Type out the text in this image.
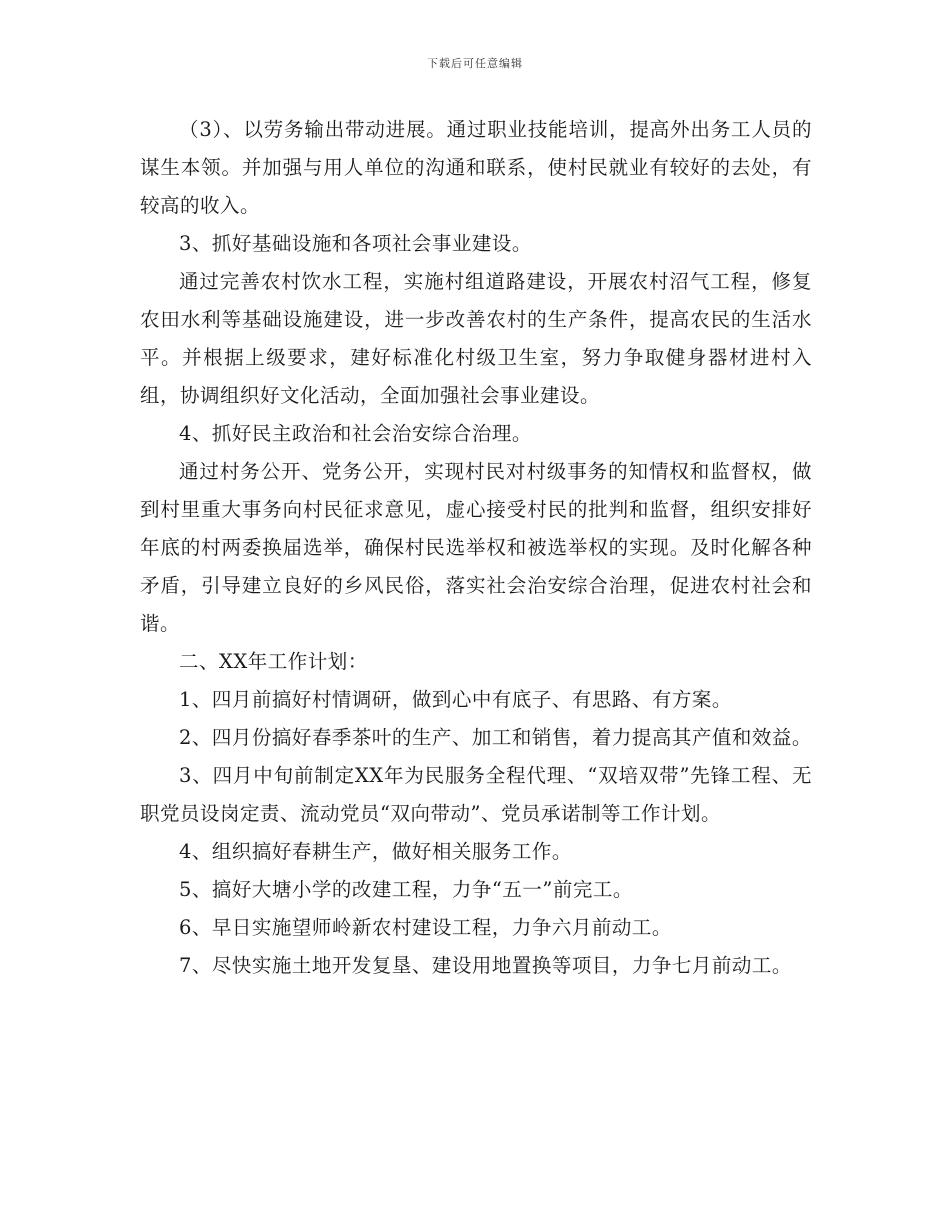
下载后可任意编辑

（3）、以劳务输出带动进展。通过职业技能培训，提高外出务工人员的谋生本领。并加强与用人单位的沟通和联系，使村民就业有较好的去处，有较高的收入。

3、抓好基础设施和各项社会事业建设。

通过完善农村饮水工程，实施村组道路建设，开展农村沼气工程，修复农田水利等基础设施建设，进一步改善农村的生产条件，提高农民的生活水平。并根据上级要求，建好标准化村级卫生室，努力争取健身器材进村入组，协调组织好文化活动，全面加强社会事业建设。

4、抓好民主政治和社会治安综合治理。

通过村务公开、党务公开，实现村民对村级事务的知情权和监督权，做到村里重大事务向村民征求意见，虚心接受村民的批判和监督，组织安排好年底的村两委换届选举，确保村民选举权和被选举权的实现。及时化解各种矛盾，引导建立良好的乡风民俗，落实社会治安综合治理，促进农村社会和谐。

二、XX年工作计划：

1、四月前搞好村情调研，做到心中有底子、有思路、有方案。

2、四月份搞好春季茶叶的生产、加工和销售，着力提高其产值和效益。

3、四月中旬前制定XX年为民服务全程代理、“双培双带”先锋工程、无职党员设岗定责、流动党员“双向带动”、党员承诺制等工作计划。

4、组织搞好春耕生产，做好相关服务工作。

5、搞好大塘小学的改建工程，力争“五一”前完工。

6、早日实施望师岭新农村建设工程，力争六月前动工。

7、尽快实施土地开发复垦、建设用地置换等项目，力争七月前动工。
